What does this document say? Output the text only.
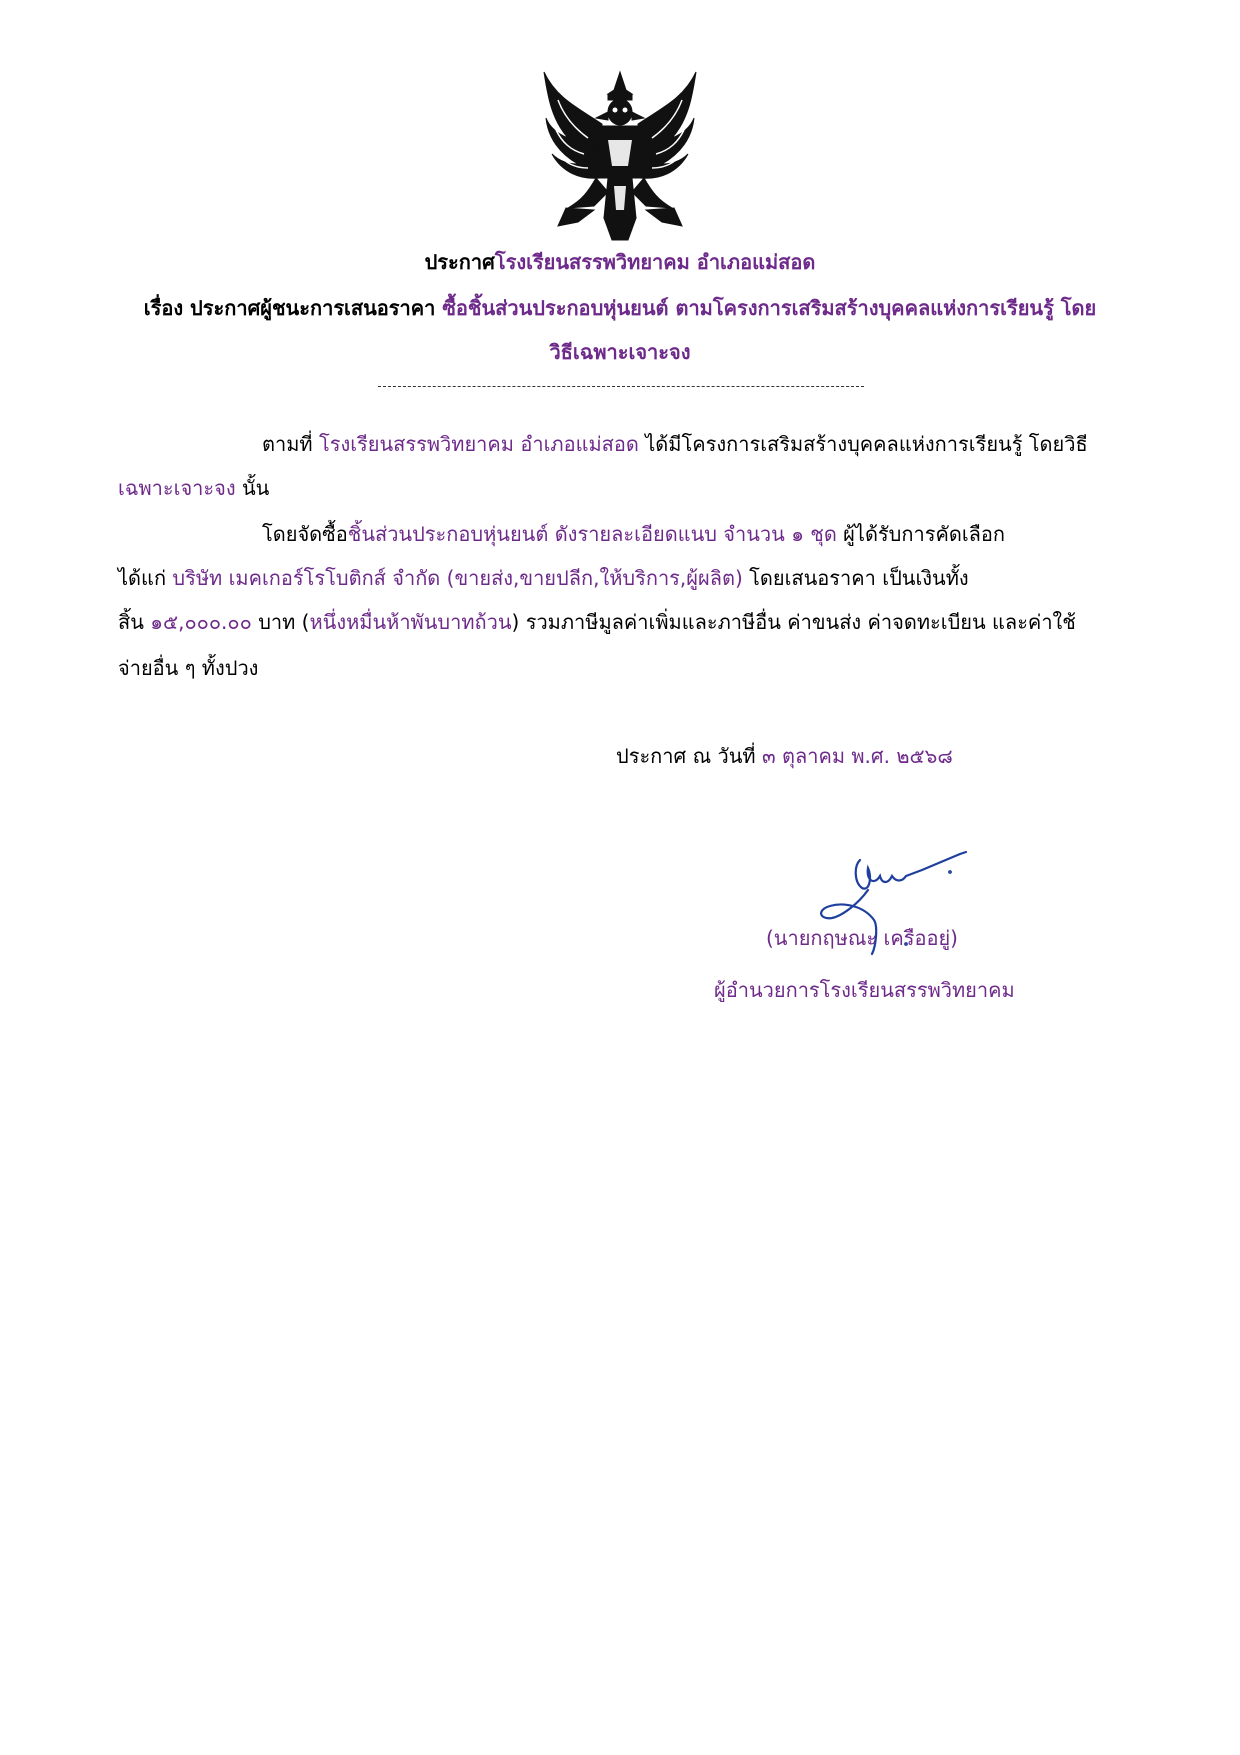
ประกาศโรงเรียนสรรพวิทยาคม อำเภอแม่สอด
เรื่อง ประกาศผู้ชนะการเสนอราคา ซื้อชิ้นส่วนประกอบหุ่นยนต์ ตามโครงการเสริมสร้างบุคคลแห่งการเรียนรู้ โดย
วิธีเฉพาะเจาะจง
ตามที่ โรงเรียนสรรพวิทยาคม อำเภอแม่สอด ได้มีโครงการเสริมสร้างบุคคลแห่งการเรียนรู้ โดยวิธี
เฉพาะเจาะจง นั้น
โดยจัดซื้อชิ้นส่วนประกอบหุ่นยนต์ ดังรายละเอียดแนบ จำนวน ๑ ชุด ผู้ได้รับการคัดเลือก
ได้แก่ บริษัท เมคเกอร์โรโบติกส์ จำกัด (ขายส่ง,ขายปลีก,ให้บริการ,ผู้ผลิต) โดยเสนอราคา เป็นเงินทั้ง
สิ้น ๑๕,๐๐๐.๐๐ บาท (หนึ่งหมื่นห้าพันบาทถ้วน) รวมภาษีมูลค่าเพิ่มและภาษีอื่น ค่าขนส่ง ค่าจดทะเบียน และค่าใช้
จ่ายอื่น ๆ ทั้งปวง
ประกาศ ณ วันที่ ๓ ตุลาคม พ.ศ. ๒๕๖๘
(นายกฤษณะ เครืออยู่)
ผู้อำนวยการโรงเรียนสรรพวิทยาคม
